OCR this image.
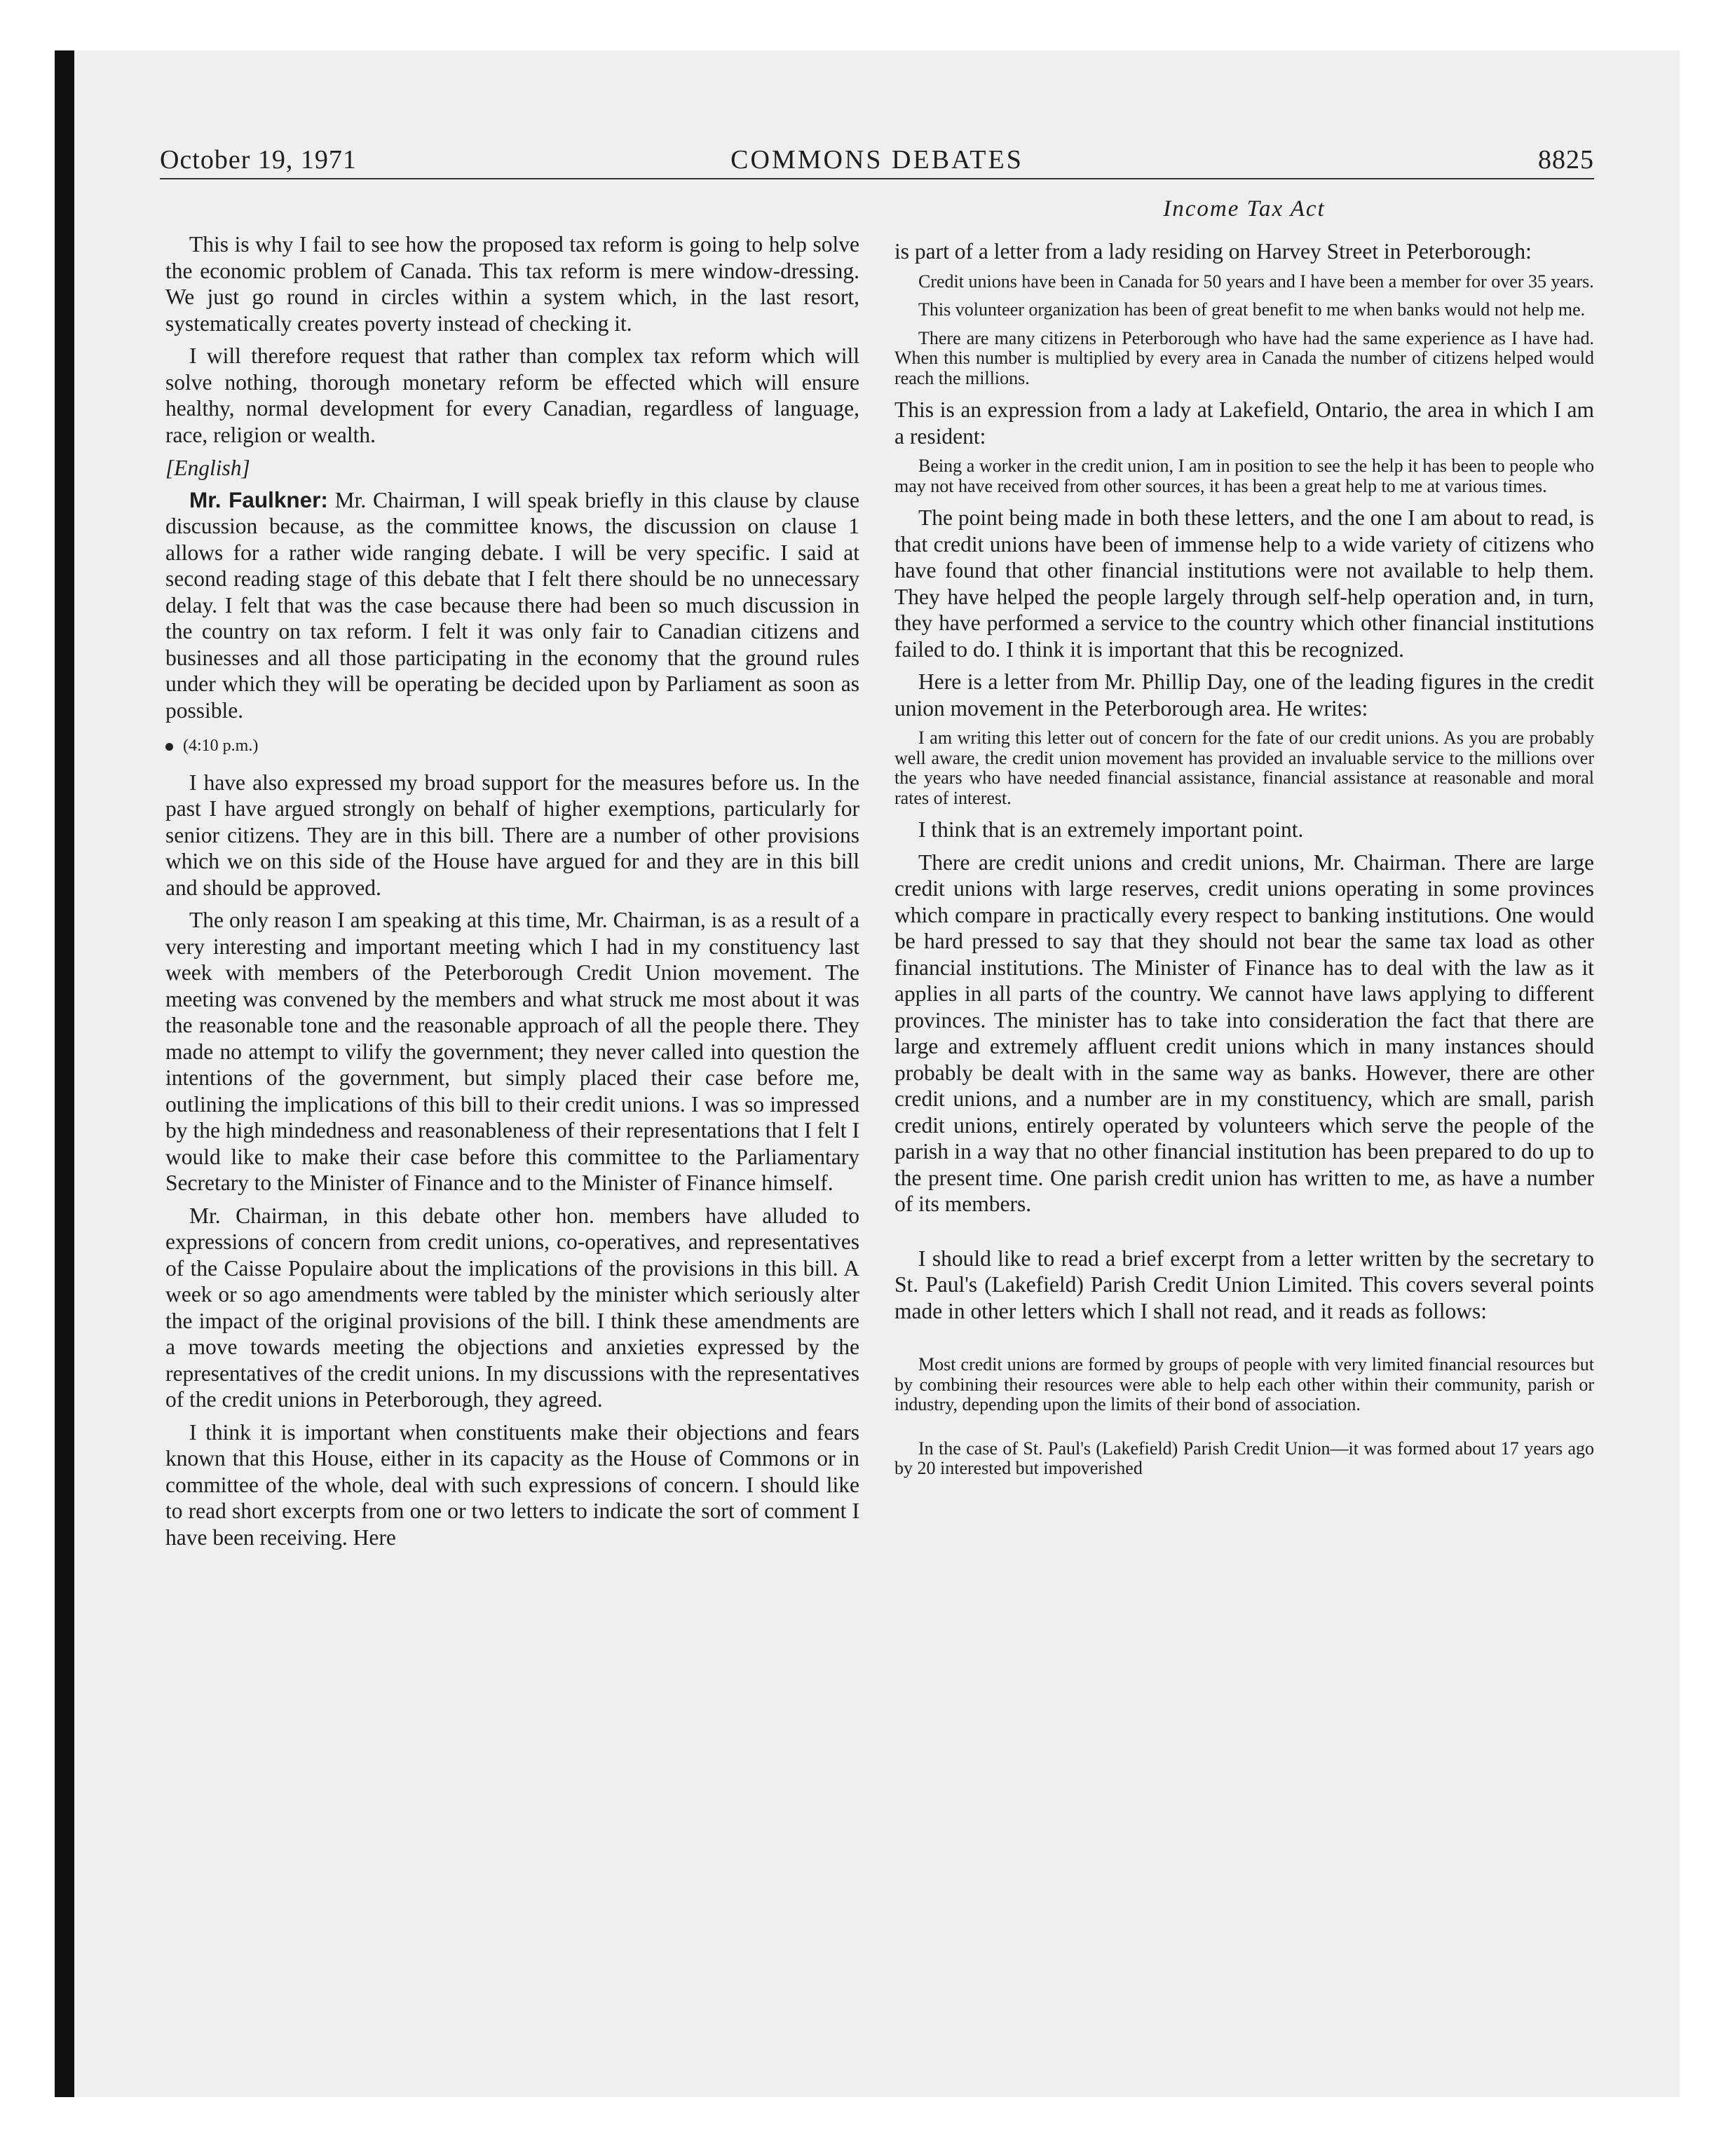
October 19, 1971	COMMONS DEBATES	8825
Income Tax Act

This is why I fail to see how the proposed tax reform is going to help solve the economic problem of Canada. This tax reform is mere window-dressing. We just go round in circles within a system which, in the last resort, systematically creates poverty instead of checking it.

I will therefore request that rather than complex tax reform which will solve nothing, thorough monetary reform be effected which will ensure healthy, normal development for every Canadian, regardless of language, race, religion or wealth.

[English]

Mr. Faulkner: Mr. Chairman, I will speak briefly in this clause by clause discussion because, as the committee knows, the discussion on clause 1 allows for a rather wide ranging debate. I will be very specific. I said at second reading stage of this debate that I felt there should be no unnecessary delay. I felt that was the case because there had been so much discussion in the country on tax reform. I felt it was only fair to Canadian citizens and businesses and all those participating in the economy that the ground rules under which they will be operating be decided upon by Parliament as soon as possible.

(4:10 p.m.)

I have also expressed my broad support for the measures before us. In the past I have argued strongly on behalf of higher exemptions, particularly for senior citizens. They are in this bill. There are a number of other provisions which we on this side of the House have argued for and they are in this bill and should be approved.

The only reason I am speaking at this time, Mr. Chairman, is as a result of a very interesting and important meeting which I had in my constituency last week with members of the Peterborough Credit Union movement. The meeting was convened by the members and what struck me most about it was the reasonable tone and the reasonable approach of all the people there. They made no attempt to vilify the government; they never called into question the intentions of the government, but simply placed their case before me, outlining the implications of this bill to their credit unions. I was so impressed by the high mindedness and reasonableness of their representations that I felt I would like to make their case before this committee to the Parliamentary Secretary to the Minister of Finance and to the Minister of Finance himself.

Mr. Chairman, in this debate other hon. members have alluded to expressions of concern from credit unions, co-operatives, and representatives of the Caisse Populaire about the implications of the provisions in this bill. A week or so ago amendments were tabled by the minister which seriously alter the impact of the original provisions of the bill. I think these amendments are a move towards meeting the objections and anxieties expressed by the representatives of the credit unions. In my discussions with the representatives of the credit unions in Peterborough, they agreed.

I think it is important when constituents make their objections and fears known that this House, either in its capacity as the House of Commons or in committee of the whole, deal with such expressions of concern. I should like to read short excerpts from one or two letters to indicate the sort of comment I have been receiving. Here

is part of a letter from a lady residing on Harvey Street in Peterborough:

Credit unions have been in Canada for 50 years and I have been a member for over 35 years.
This volunteer organization has been of great benefit to me when banks would not help me.
There are many citizens in Peterborough who have had the same experience as I have had. When this number is multiplied by every area in Canada the number of citizens helped would reach the millions.

This is an expression from a lady at Lakefield, Ontario, the area in which I am a resident:

Being a worker in the credit union, I am in position to see the help it has been to people who may not have received from other sources, it has been a great help to me at various times.

The point being made in both these letters, and the one I am about to read, is that credit unions have been of immense help to a wide variety of citizens who have found that other financial institutions were not available to help them. They have helped the people largely through self-help operation and, in turn, they have performed a service to the country which other financial institutions failed to do. I think it is important that this be recognized.

Here is a letter from Mr. Phillip Day, one of the leading figures in the credit union movement in the Peterborough area. He writes:

I am writing this letter out of concern for the fate of our credit unions. As you are probably well aware, the credit union movement has provided an invaluable service to the millions over the years who have needed financial assistance, financial assistance at reasonable and moral rates of interest.

I think that is an extremely important point.

There are credit unions and credit unions, Mr. Chairman. There are large credit unions with large reserves, credit unions operating in some provinces which compare in practically every respect to banking institutions. One would be hard pressed to say that they should not bear the same tax load as other financial institutions. The Minister of Finance has to deal with the law as it applies in all parts of the country. We cannot have laws applying to different provinces. The minister has to take into consideration the fact that there are large and extremely affluent credit unions which in many instances should probably be dealt with in the same way as banks. However, there are other credit unions, and a number are in my constituency, which are small, parish credit unions, entirely operated by volunteers which serve the people of the parish in a way that no other financial institution has been prepared to do up to the present time. One parish credit union has written to me, as have a number of its members.

I should like to read a brief excerpt from a letter written by the secretary to St. Paul's (Lakefield) Parish Credit Union Limited. This covers several points made in other letters which I shall not read, and it reads as follows:

Most credit unions are formed by groups of people with very limited financial resources but by combining their resources were able to help each other within their community, parish or industry, depending upon the limits of their bond of association.
In the case of St. Paul's (Lakefield) Parish Credit Union—it was formed about 17 years ago by 20 interested but impoverished
